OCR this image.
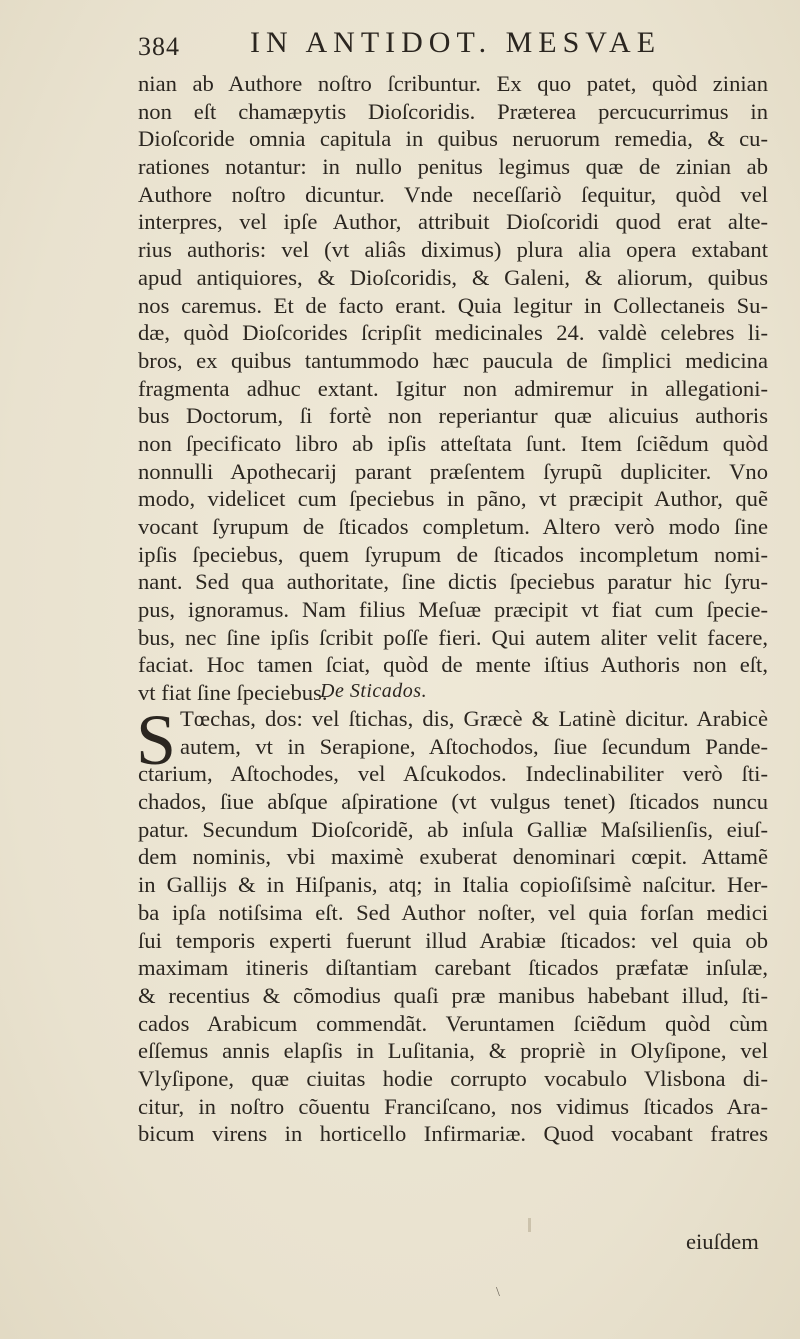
384 IN ANTIDOT. MESVAE
nian ab Authore noſtro ſcribuntur. Ex quo patet, quòd zinian
non eſt chamæpytis Dioſcoridis. Præterea percucurrimus in
Dioſcoride omnia capitula in quibus neruorum remedia, & cu-
rationes notantur: in nullo penitus legimus quæ de zinian ab
Authore noſtro dicuntur. Vnde neceſſariò ſequitur, quòd vel
interpres, vel ipſe Author, attribuit Dioſcoridi quod erat alte-
rius authoris: vel (vt aliâs diximus) plura alia opera extabant
apud antiquiores, & Dioſcoridis, & Galeni, & aliorum, quibus
nos caremus. Et de facto erant. Quia legitur in Collectaneis Su-
dæ, quòd Dioſcorides ſcripſit medicinales 24. valdè celebres li-
bros, ex quibus tantummodo hæc paucula de ſimplici medicina
fragmenta adhuc extant. Igitur non admiremur in allegationi-
bus Doctorum, ſi fortè non reperiantur quæ alicuius authoris
non ſpecificato libro ab ipſis atteſtata ſunt. Item ſciẽdum quòd
nonnulli Apothecarij parant præſentem ſyrupũ dupliciter. Vno
modo, videlicet cum ſpeciebus in pãno, vt præcipit Author, quẽ
vocant ſyrupum de ſticados completum. Altero verò modo ſine
ipſis ſpeciebus, quem ſyrupum de ſticados incompletum nomi-
nant. Sed qua authoritate, ſine dictis ſpeciebus paratur hic ſyru-
pus, ignoramus. Nam filius Meſuæ præcipit vt fiat cum ſpecie-
bus, nec ſine ipſis ſcribit poſſe fieri. Qui autem aliter velit facere,
faciat. Hoc tamen ſciat, quòd de mente iſtius Authoris non eſt,
vt fiat ſine ſpeciebus.
De Sticados.
S Tœchas, dos: vel ſtichas, dis, Græcè & Latinè dicitur. Arabicè
autem, vt in Serapione, Aſtochodos, ſiue ſecundum Pande-
ctarium, Aſtochodes, vel Aſcukodos. Indeclinabiliter verò ſti-
chados, ſiue abſque aſpiratione (vt vulgus tenet) ſticados nuncu
patur. Secundum Dioſcoridẽ, ab inſula Galliæ Maſsilienſis, eiuſ-
dem nominis, vbi maximè exuberat denominari cœpit. Attamẽ
in Gallijs & in Hiſpanis, atq; in Italia copioſiſsimè naſcitur. Her-
ba ipſa notiſsima eſt. Sed Author noſter, vel quia forſan medici
ſui temporis experti fuerunt illud Arabiæ ſticados: vel quia ob
maximam itineris diſtantiam carebant ſticados præfatæ inſulæ,
& recentius & cõmodius quaſi præ manibus habebant illud, ſti-
cados Arabicum commendãt. Veruntamen ſciẽdum quòd cùm
eſſemus annis elapſis in Luſitania, & propriè in Olyſipone, vel
Vlyſipone, quæ ciuitas hodie corrupto vocabulo Vlisbona di-
citur, in noſtro cõuentu Franciſcano, nos vidimus ſticados Ara-
bicum virens in horticello Infirmariæ. Quod vocabant fratres
eiuſdem
\
